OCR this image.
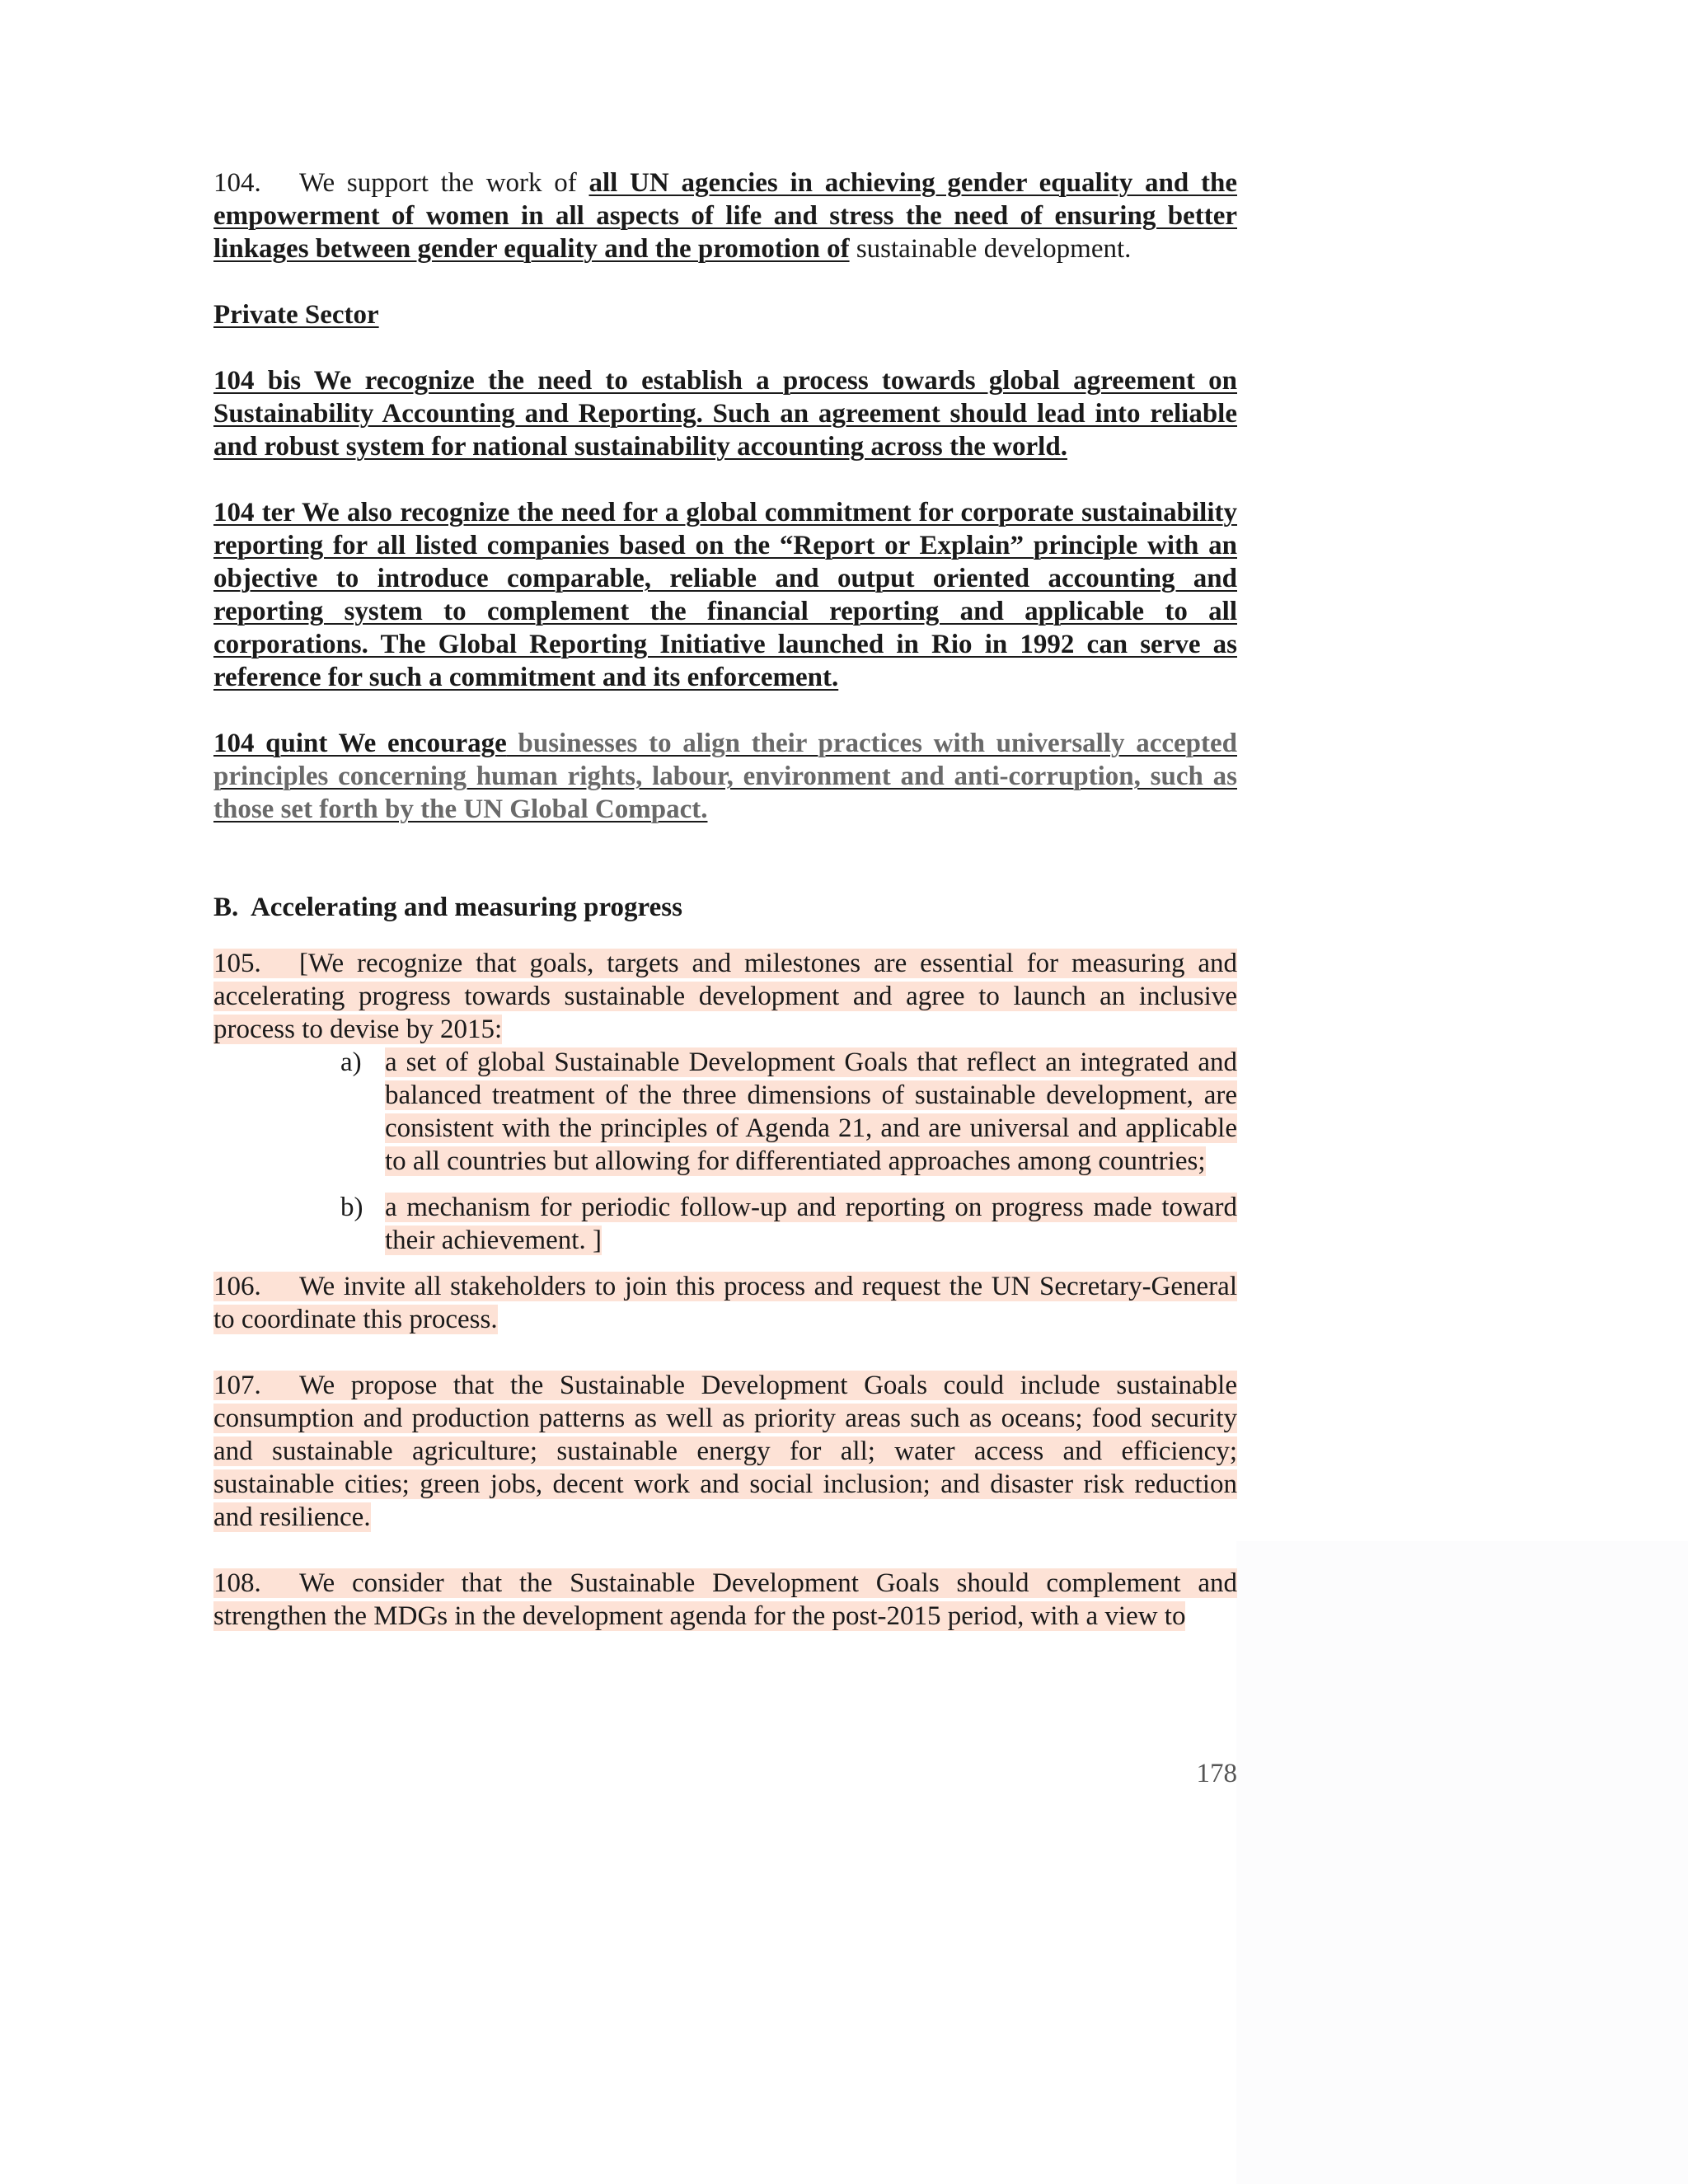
104. We support the work of all UN agencies in achieving gender equality and the empowerment of women in all aspects of life and stress the need of ensuring better linkages between gender equality and the promotion of sustainable development.

Private Sector

104 bis We recognize the need to establish a process towards global agreement on Sustainability Accounting and Reporting. Such an agreement should lead into reliable and robust system for national sustainability accounting across the world.

104 ter We also recognize the need for a global commitment for corporate sustainability reporting for all listed companies based on the “Report or Explain” principle with an objective to introduce comparable, reliable and output oriented accounting and reporting system to complement the financial reporting and applicable to all corporations. The Global Reporting Initiative launched in Rio in 1992 can serve as reference for such a commitment and its enforcement.

104 quint We encourage businesses to align their practices with universally accepted principles concerning human rights, labour, environment and anti-corruption, such as those set forth by the UN Global Compact.

B.  Accelerating and measuring progress

105. [We recognize that goals, targets and milestones are essential for measuring and accelerating progress towards sustainable development and agree to launch an inclusive process to devise by 2015:

a) a set of global Sustainable Development Goals that reflect an integrated and balanced treatment of the three dimensions of sustainable development, are consistent with the principles of Agenda 21, and are universal and applicable to all countries but allowing for differentiated approaches among countries;
b) a mechanism for periodic follow-up and reporting on progress made toward their achievement. ]

106. We invite all stakeholders to join this process and request the UN Secretary-General to coordinate this process.

107. We propose that the Sustainable Development Goals could include sustainable consumption and production patterns as well as priority areas such as oceans; food security and sustainable agriculture; sustainable energy for all; water access and efficiency; sustainable cities; green jobs, decent work and social inclusion; and disaster risk reduction and resilience.

108. We consider that the Sustainable Development Goals should complement and strengthen the MDGs in the development agenda for the post-2015 period, with a view to

178
